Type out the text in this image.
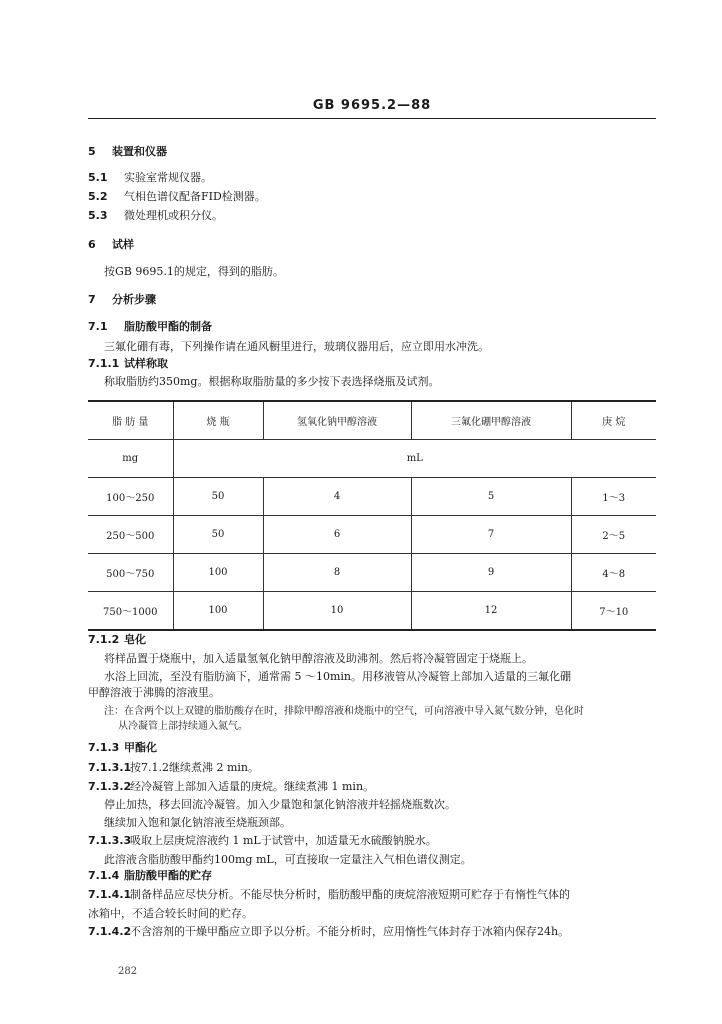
GB 9695.2—88
5 装置和仪器
5.1 实验室常规仪器。
5.2 气相色谱仪配备FID检测器。
5.3 微处理机或积分仪。
6 试样
按GB 9695.1的规定，得到的脂肪。
7 分析步骤
7.1 脂肪酸甲酯的制备
三氟化硼有毒，下列操作请在通风橱里进行，玻璃仪器用后，应立即用水冲洗。
7.1.1 试样称取
称取脂肪约350mg。根据称取脂肪量的多少按下表选择烧瓶及试剂。
脂 肪 量	烧 瓶	氢氧化钠甲醇溶液	三氟化硼甲醇溶液	庚 烷
mg	mL			
100～250	50	4	5	1～3
250～500	50	6	7	2～5
500～750	100	8	9	4～8
750～1000	100	10	12	7～10
7.1.2 皂化
将样品置于烧瓶中，加入适量氢氧化钠甲醇溶液及助沸剂。然后将冷凝管固定于烧瓶上。
水浴上回流，至没有脂肪滴下，通常需 5 ～10min。用移液管从冷凝管上部加入适量的三氟化硼
甲醇溶液于沸腾的溶液里。
注：在含两个以上双键的脂肪酸存在时，排除甲醇溶液和烧瓶中的空气，可向溶液中导入氮气数分钟，皂化时
从冷凝管上部持续通入氮气。
7.1.3 甲酯化
7.1.3.1按7.1.2继续煮沸 2 min。
7.1.3.2经冷凝管上部加入适量的庚烷。继续煮沸 1 min。
停止加热，移去回流冷凝管。加入少量饱和氯化钠溶液并轻摇烧瓶数次。
继续加入饱和氯化钠溶液至烧瓶颈部。
7.1.3.3吸取上层庚烷溶液约 1 mL于试管中，加适量无水硫酸钠脱水。
此溶液含脂肪酸甲酯约100mg mL，可直接取一定量注入气相色谱仪测定。
7.1.4 脂肪酸甲酯的贮存
7.1.4.1制备样品应尽快分析。不能尽快分析时，脂肪酸甲酯的庚烷溶液短期可贮存于有惰性气体的
冰箱中，不适合较长时间的贮存。
7.1.4.2不含溶剂的干燥甲酯应立即予以分析。不能分析时，应用惰性气体封存于冰箱内保存24h。
282
